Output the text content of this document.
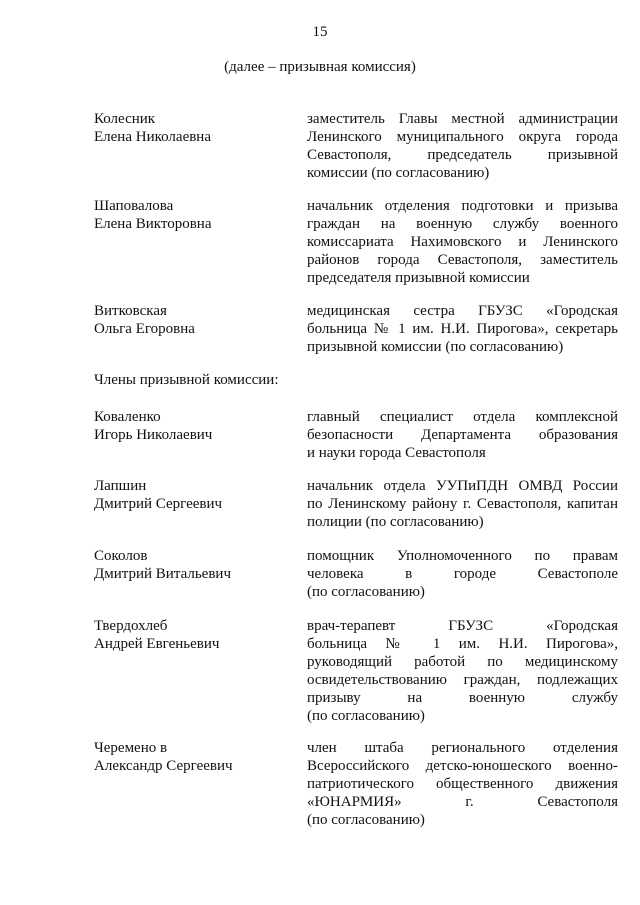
15
(далее – призывная комиссия)
Колесник
Елена Николаевна
заместитель Главы местной администрации
Ленинского муниципального округа города
Севастополя, председатель призывной
комиссии (по согласованию)
Шаповалова
Елена Викторовна
начальник отделения подготовки и призыва
граждан на военную службу военного
комиссариата Нахимовского и Ленинского
районов города Севастополя, заместитель
председателя призывной комиссии
Витковская
Ольга Егоровна
медицинская сестра ГБУЗС «Городская
больница № 1 им. Н.И. Пирогова», секретарь
призывной комиссии (по согласованию)
Члены призывной комиссии:
Коваленко
Игорь Николаевич
главный специалист отдела комплексной
безопасности Департамента образования
и науки города Севастополя
Лапшин
Дмитрий Сергеевич
начальник отдела УУПиПДН ОМВД России
по Ленинскому району г. Севастополя, капитан
полиции (по согласованию)
Соколов
Дмитрий Витальевич
помощник Уполномоченного по правам
человека в городе Севастополе
(по согласованию)
Твердохлеб
Андрей Евгеньевич
врач-терапевт ГБУЗС «Городская
больница № 1 им. Н.И. Пирогова»,
руководящий работой по медицинскому
освидетельствованию граждан, подлежащих
призыву на военную службу
(по согласованию)
Черемено в
Александр Сергеевич
член штаба регионального отделения
Всероссийского детско-юношеского военно-
патриотического общественного движения
«ЮНАРМИЯ» г. Севастополя
(по согласованию)
